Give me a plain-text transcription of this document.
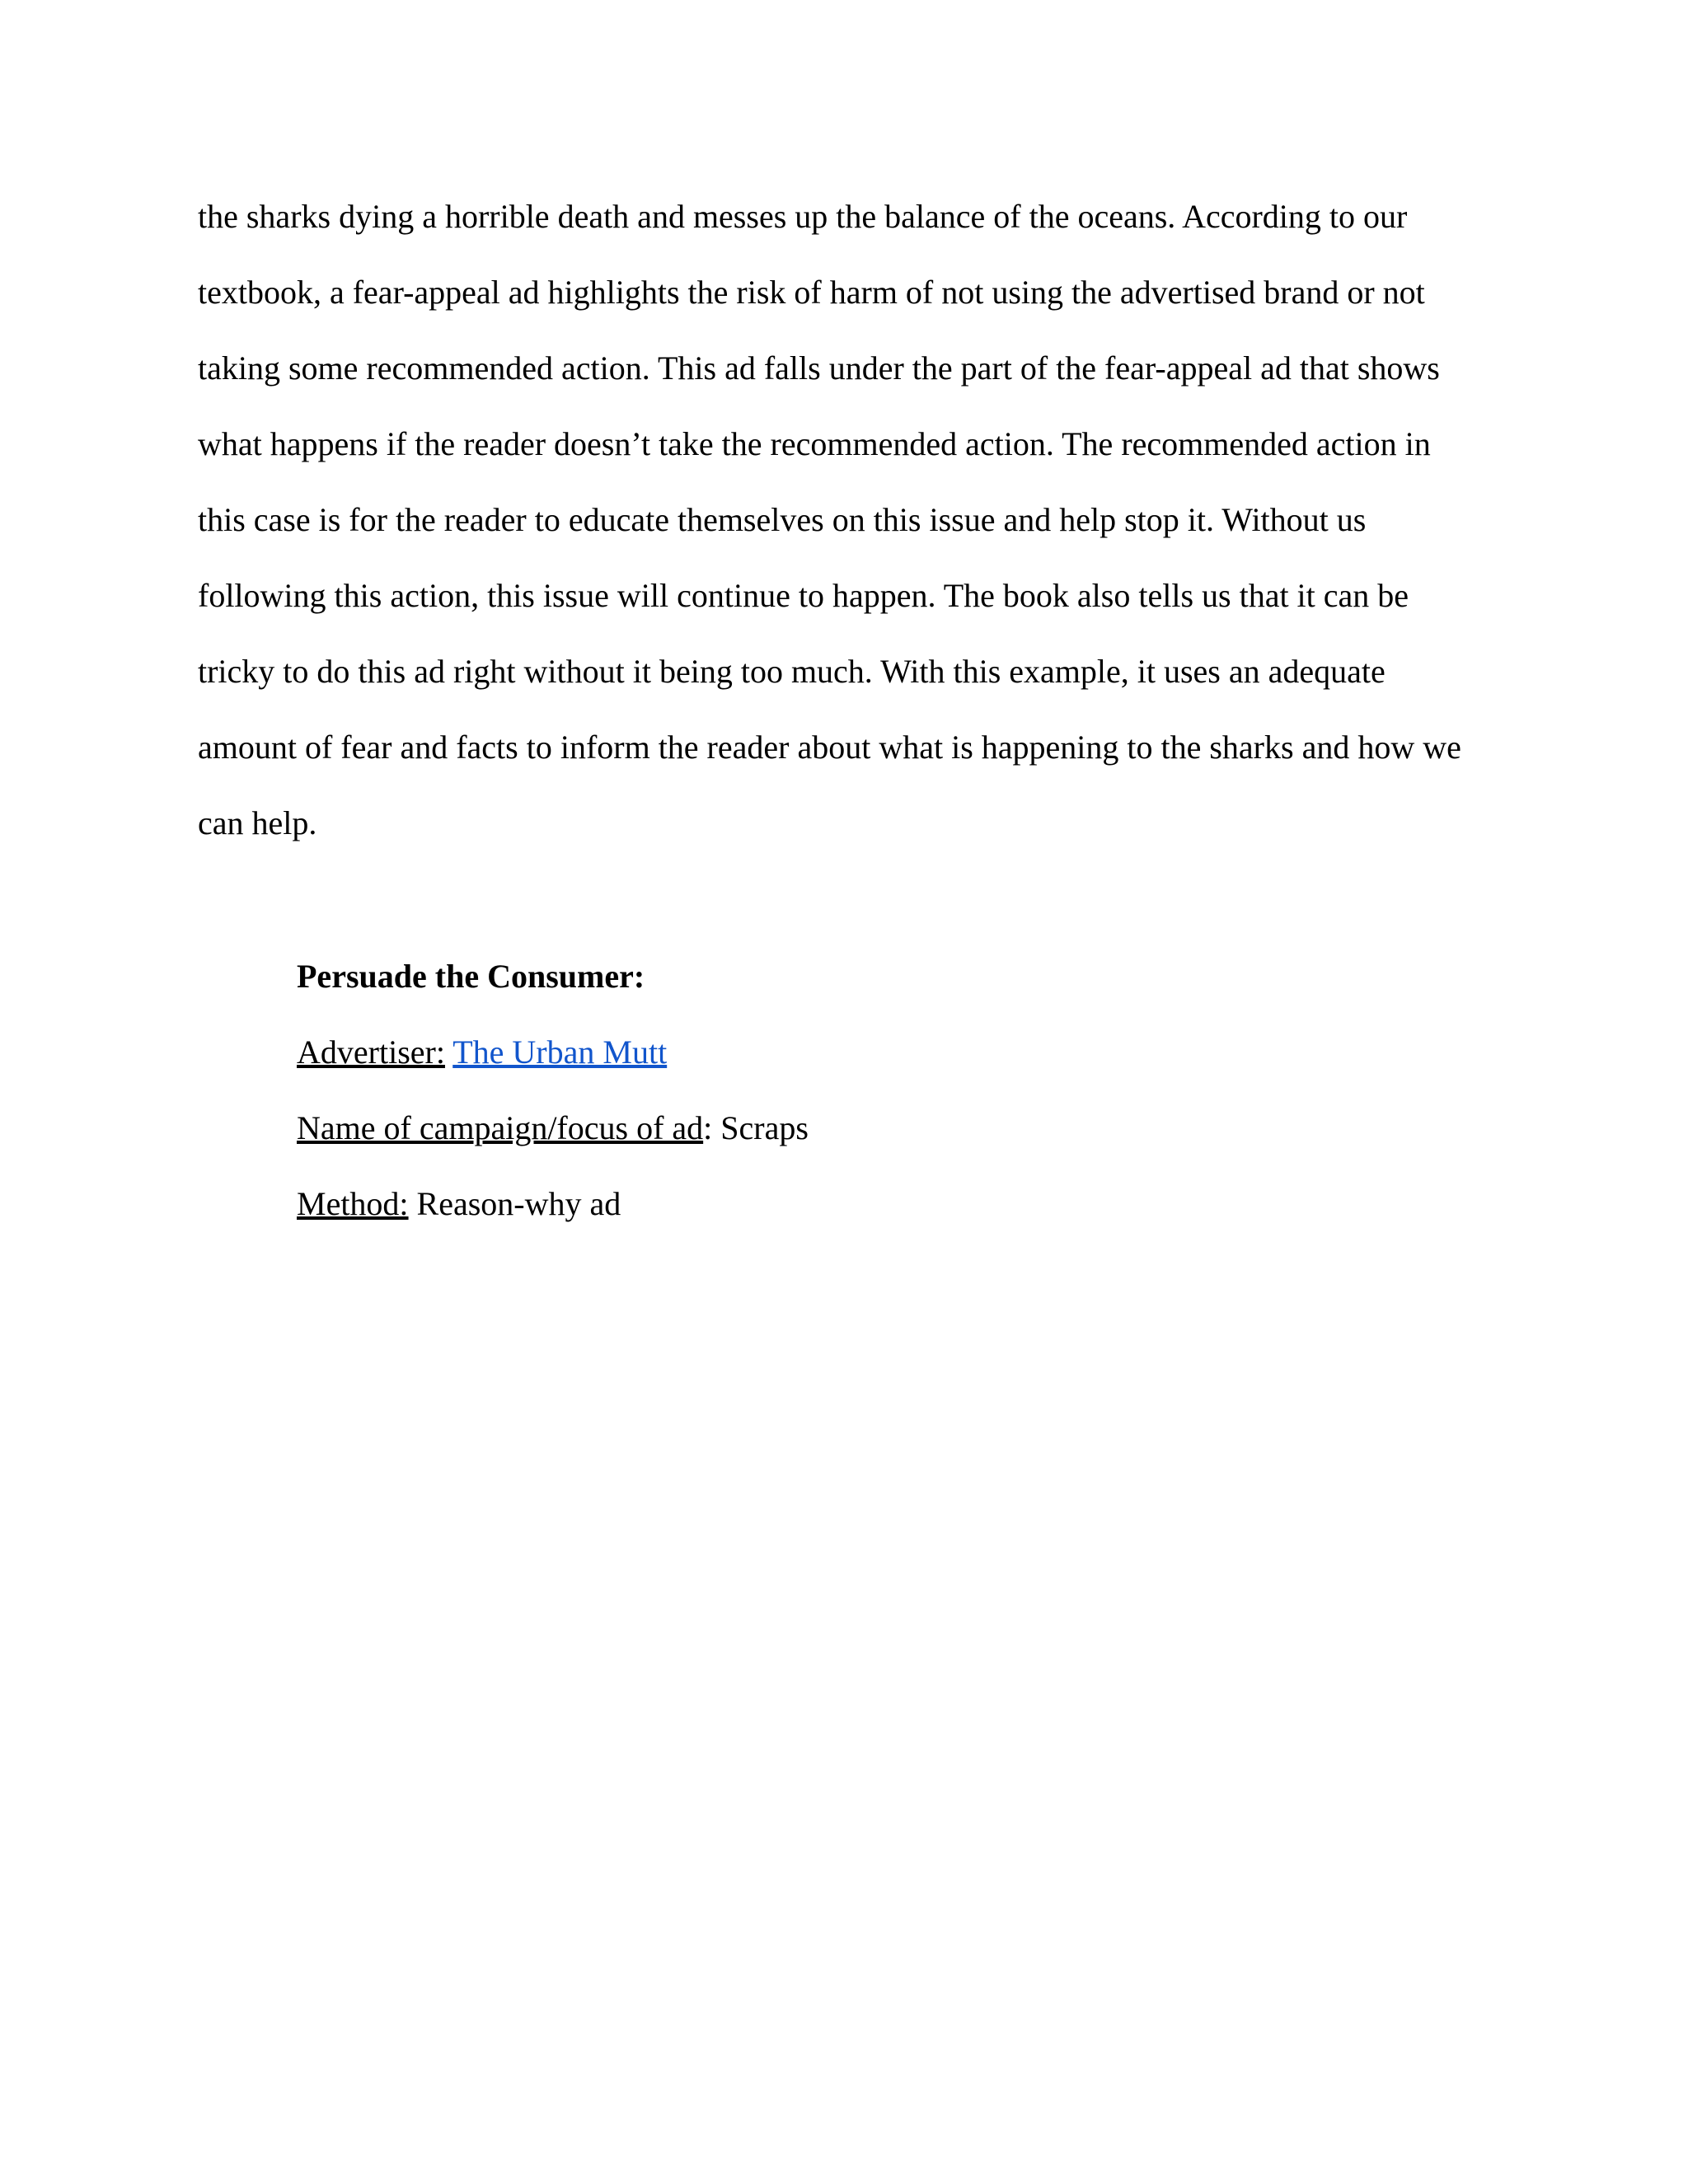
the sharks dying a horrible death and messes up the balance of the oceans. According to our
textbook, a fear-appeal ad highlights the risk of harm of not using the advertised brand or not
taking some recommended action. This ad falls under the part of the fear-appeal ad that shows
what happens if the reader doesn’t take the recommended action. The recommended action in
this case is for the reader to educate themselves on this issue and help stop it. Without us
following this action, this issue will continue to happen. The book also tells us that it can be
tricky to do this ad right without it being too much. With this example, it uses an adequate
amount of fear and facts to inform the reader about what is happening to the sharks and how we
can help.
Persuade the Consumer:
Advertiser: The Urban Mutt
Name of campaign/focus of ad: Scraps
Method: Reason-why ad
